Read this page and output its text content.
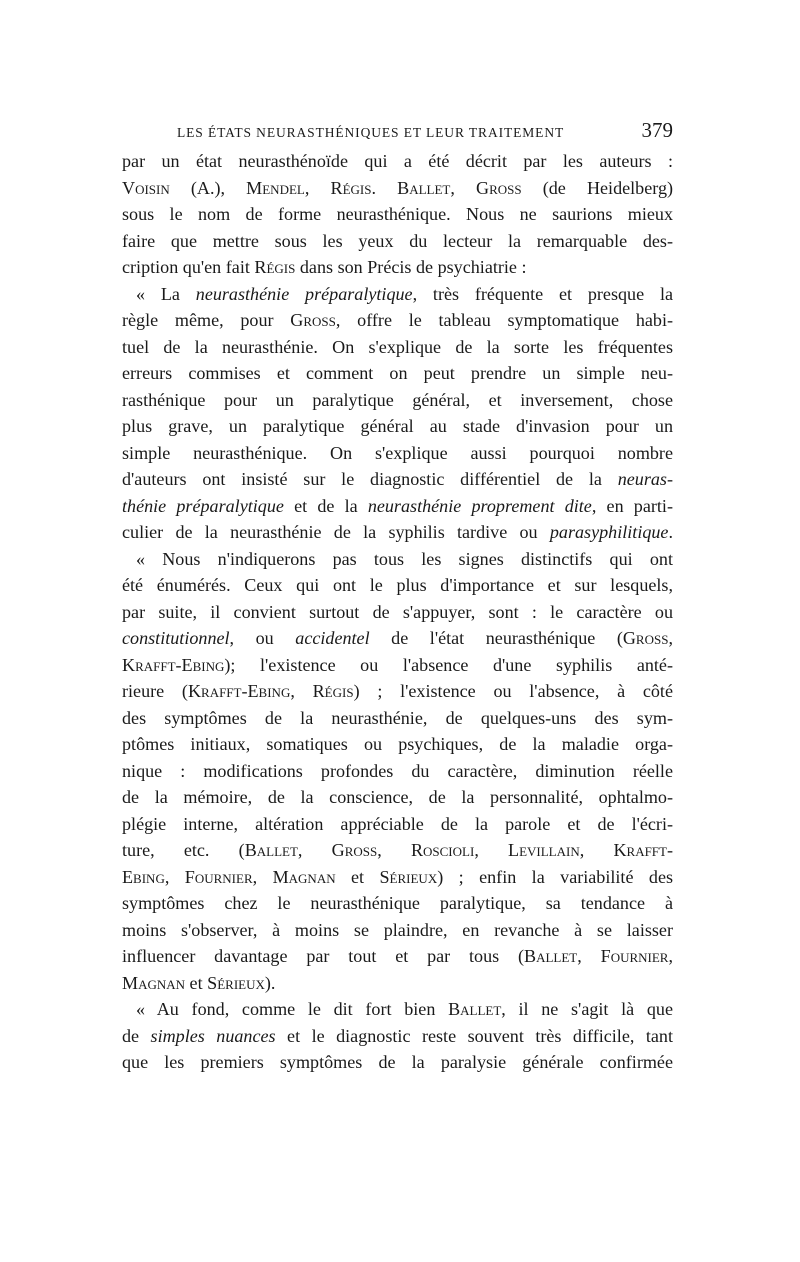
LES ÉTATS NEURASTHÉNIQUES ET LEUR TRAITEMENT	379
par un état neurasthénoïde qui a été décrit par les auteurs :
Voisin (A.), Mendel, Régis. Ballet, Gross (de Heidelberg)
sous le nom de forme neurasthénique. Nous ne saurions mieux
faire que mettre sous les yeux du lecteur la remarquable des-
cription qu'en fait Régis dans son Précis de psychiatrie :
« La neurasthénie préparalytique, très fréquente et presque la
règle même, pour Gross, offre le tableau symptomatique habi-
tuel de la neurasthénie. On s'explique de la sorte les fréquentes
erreurs commises et comment on peut prendre un simple neu-
rasthénique pour un paralytique général, et inversement, chose
plus grave, un paralytique général au stade d'invasion pour un
simple neurasthénique. On s'explique aussi pourquoi nombre
d'auteurs ont insisté sur le diagnostic différentiel de la neuras-
thénie préparalytique et de la neurasthénie proprement dite, en parti-
culier de la neurasthénie de la syphilis tardive ou parasyphilitique.
« Nous n'indiquerons pas tous les signes distinctifs qui ont
été énumérés. Ceux qui ont le plus d'importance et sur lesquels,
par suite, il convient surtout de s'appuyer, sont : le caractère ou
constitutionnel, ou accidentel de l'état neurasthénique (Gross,
Krafft-Ebing); l'existence ou l'absence d'une syphilis anté-
rieure (Krafft-Ebing, Régis) ; l'existence ou l'absence, à côté
des symptômes de la neurasthénie, de quelques-uns des sym-
ptômes initiaux, somatiques ou psychiques, de la maladie orga-
nique : modifications profondes du caractère, diminution réelle
de la mémoire, de la conscience, de la personnalité, ophtalmo-
plégie interne, altération appréciable de la parole et de l'écri-
ture, etc. (Ballet, Gross, Roscioli, Levillain, Krafft-
Ebing, Fournier, Magnan et Sérieux) ; enfin la variabilité des
symptômes chez le neurasthénique paralytique, sa tendance à
moins s'observer, à moins se plaindre, en revanche à se laisser
influencer davantage par tout et par tous (Ballet, Fournier,
Magnan et Sérieux).
« Au fond, comme le dit fort bien Ballet, il ne s'agit là que
de simples nuances et le diagnostic reste souvent très difficile, tant
que les premiers symptômes de la paralysie générale confirmée
